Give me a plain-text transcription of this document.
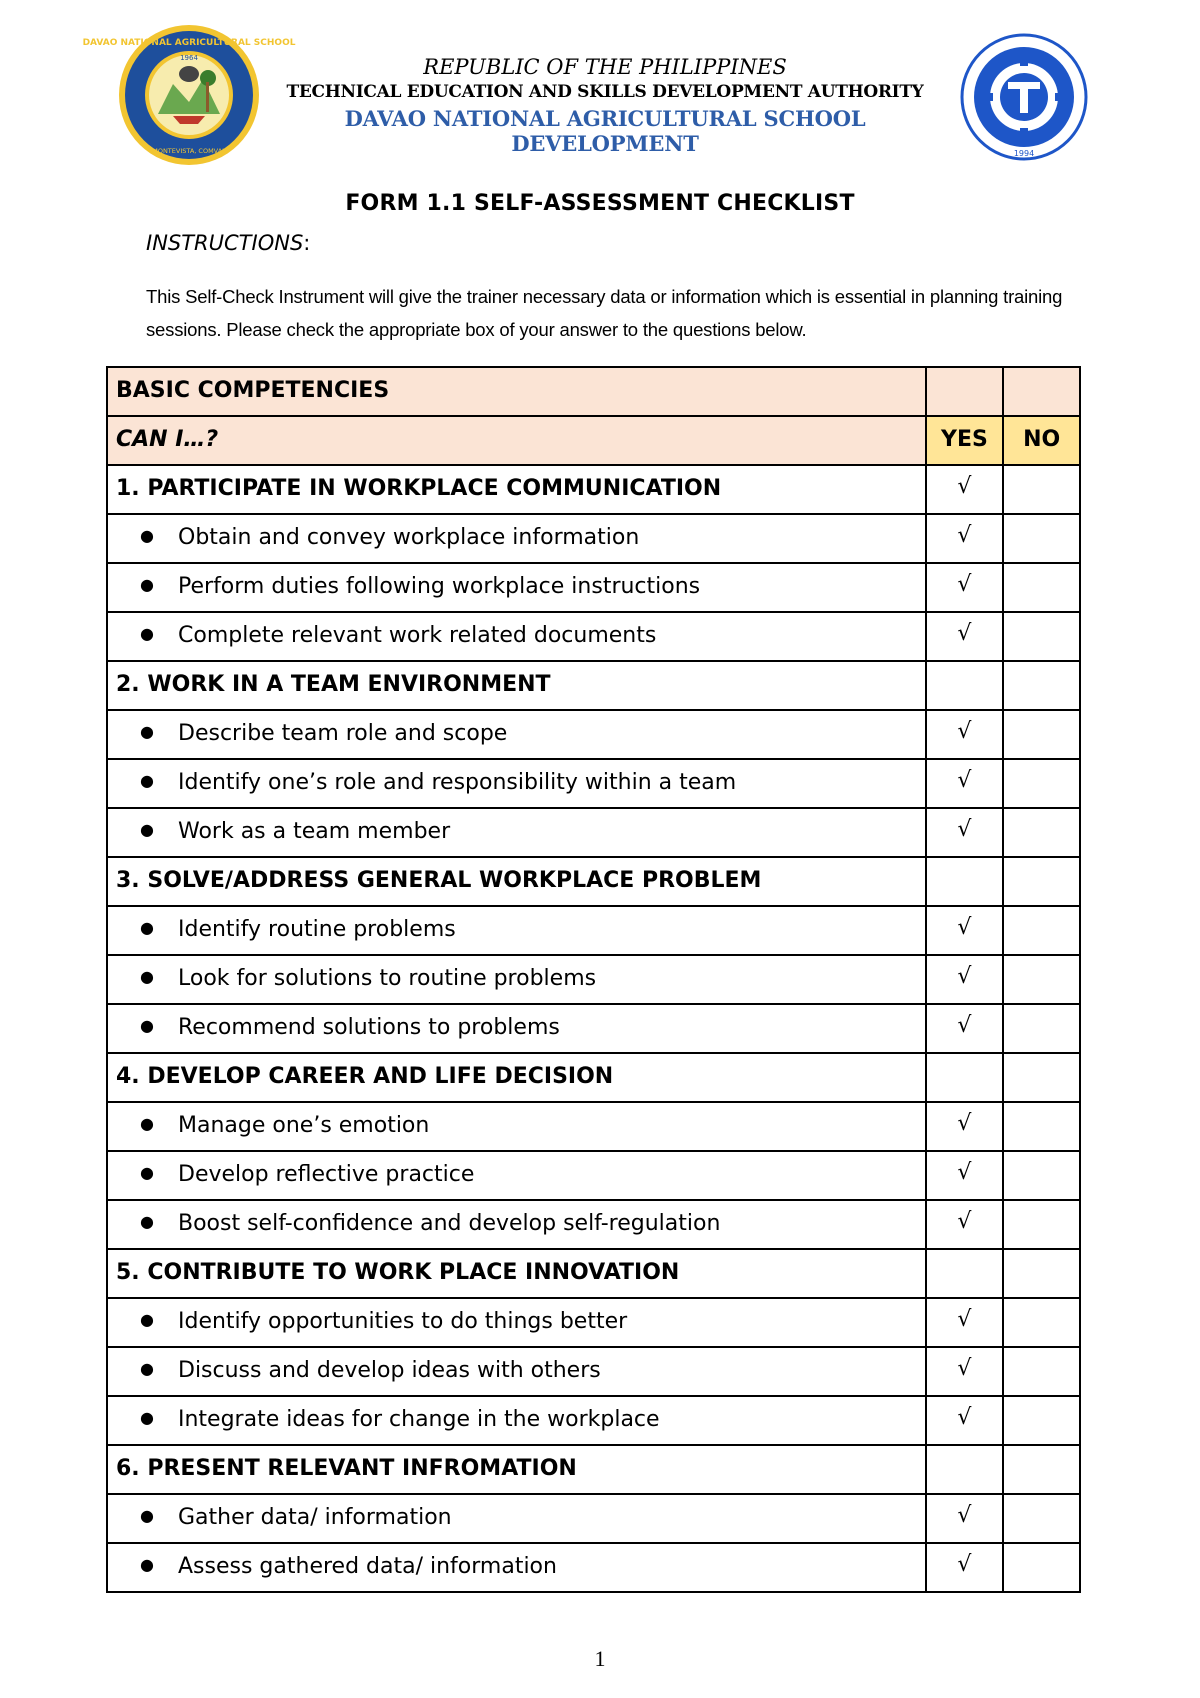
DAVAO NATIONAL AGRICULTURAL SCHOOL
1964
MONTEVISTA, COMVAL
REPUBLIC OF THE PHILIPPINES
TECHNICAL EDUCATION AND SKILLS DEVELOPMENT AUTHORITY
DAVAO NATIONAL AGRICULTURAL SCHOOL DEVELOPMENT	1994
FORM 1.1 SELF-ASSESSMENT CHECKLIST
INSTRUCTIONS:
This Self-Check Instrument will give the trainer necessary data or information which is essential in planning training sessions. Please check the appropriate box of your answer to the questions below.
BASIC COMPETENCIES		

CAN I…?	YES	NO

1. PARTICIPATE IN WORKPLACE COMMUNICATION	√	

● Obtain and convey workplace information	√	

● Perform duties following workplace instructions	√	

● Complete relevant work related documents	√	

2. WORK IN A TEAM ENVIRONMENT		

● Describe team role and scope	√	

● Identify one’s role and responsibility within a team	√	

● Work as a team member	√	

3. SOLVE/ADDRESS GENERAL WORKPLACE PROBLEM		

● Identify routine problems	√	

● Look for solutions to routine problems	√	

● Recommend solutions to problems	√	

4. DEVELOP CAREER AND LIFE DECISION		

● Manage one’s emotion	√	

● Develop reflective practice	√	

● Boost self-confidence and develop self-regulation	√	

5. CONTRIBUTE TO WORK PLACE INNOVATION		

● Identify opportunities to do things better	√	

● Discuss and develop ideas with others	√	

● Integrate ideas for change in the workplace	√	

6. PRESENT RELEVANT INFROMATION		

● Gather data/ information	√	

● Assess gathered data/ information	√	

1
